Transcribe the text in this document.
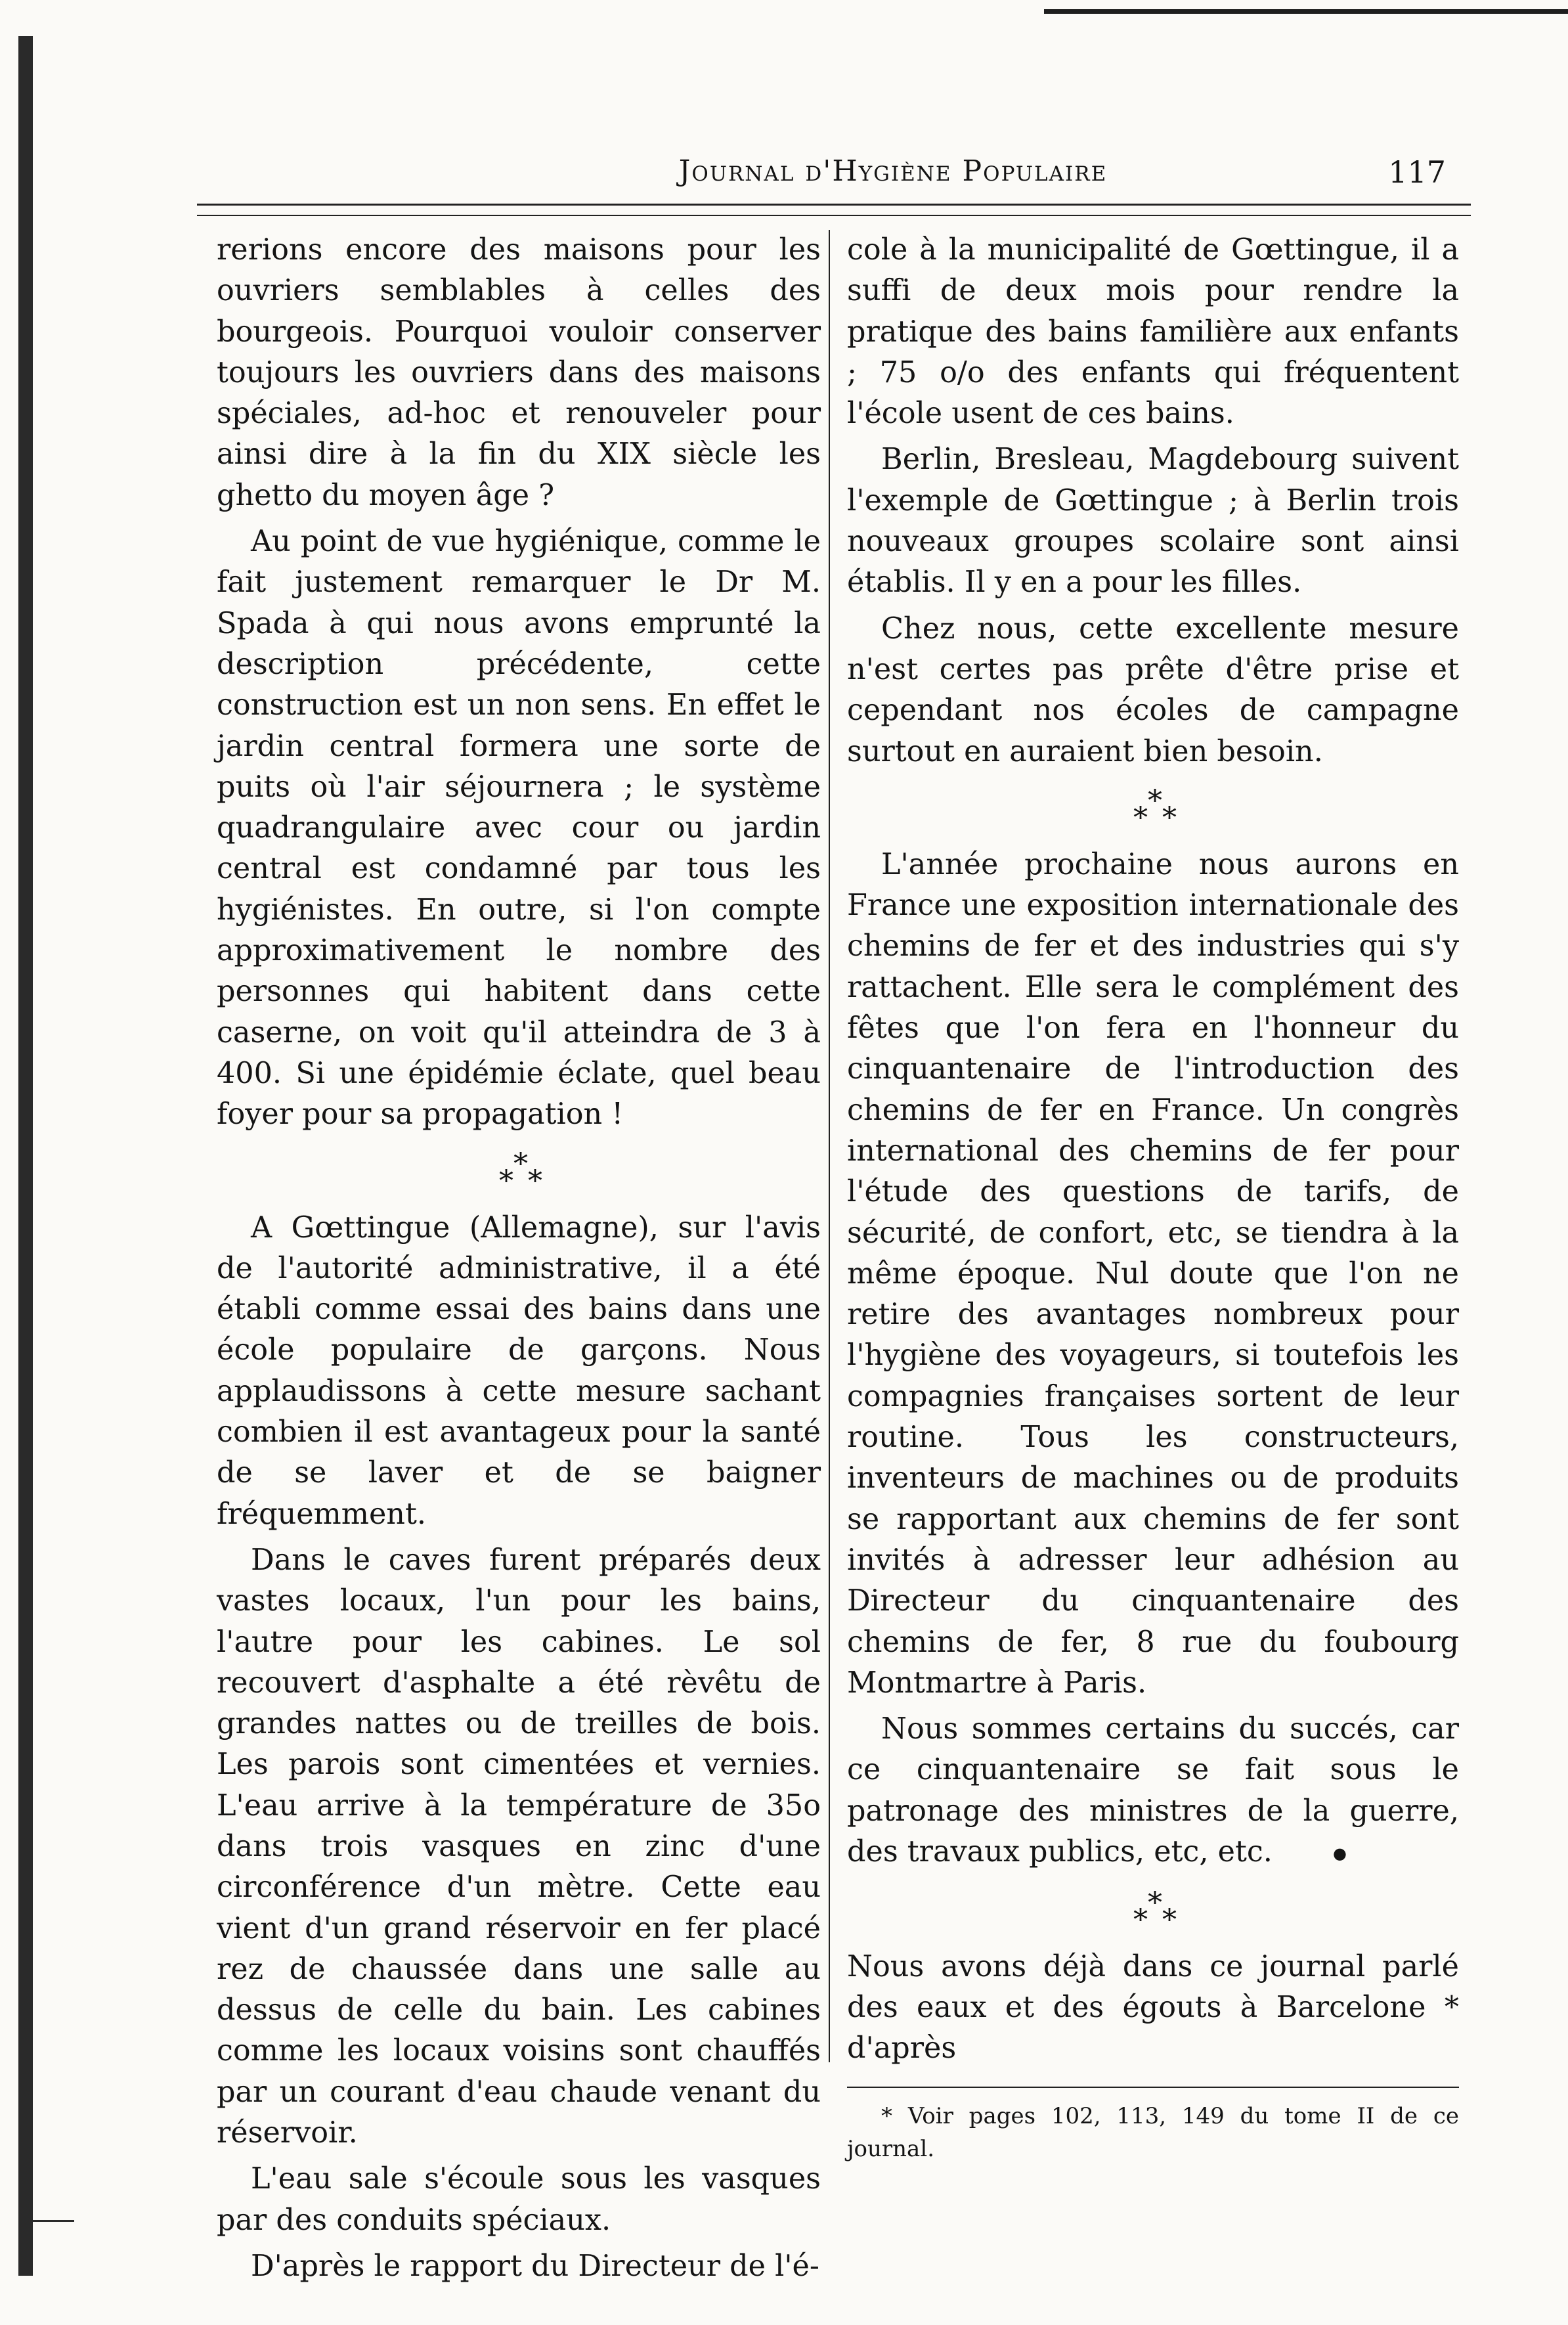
Journal d'Hygiène Populaire	117

rerions encore des maisons pour les ouvriers semblables à celles des bourgeois. Pourquoi vouloir conserver toujours les ouvriers dans des maisons spéciales, ad-hoc et renouveler pour ainsi dire à la fin du XIX siècle les ghetto du moyen âge ?

Au point de vue hygiénique, comme le fait justement remarquer le Dr M. Spada à qui nous avons emprunté la description précédente, cette construction est un non sens. En effet le jardin central formera une sorte de puits où l'air séjournera ; le système quadrangulaire avec cour ou jardin central est condamné par tous les hygiénistes. En outre, si l'on compte approximativement le nombre des personnes qui habitent dans cette caserne, on voit qu'il atteindra de 3 à 400. Si une épidémie éclate, quel beau foyer pour sa propagation !

*
* *

A Gœttingue (Allemagne), sur l'avis de l'autorité administrative, il a été établi comme essai des bains dans une école populaire de garçons. Nous applaudissons à cette mesure sachant combien il est avantageux pour la santé de se laver et de se baigner fréquemment.

Dans le caves furent préparés deux vastes locaux, l'un pour les bains, l'autre pour les cabines. Le sol recouvert d'asphalte a été rèvêtu de grandes nattes ou de treilles de bois. Les parois sont cimentées et vernies. L'eau arrive à la température de 35o dans trois vasques en zinc d'une circonférence d'un mètre. Cette eau vient d'un grand réservoir en fer placé rez de chaussée dans une salle au dessus de celle du bain. Les cabines comme les locaux voisins sont chauffés par un courant d'eau chaude venant du réservoir.

L'eau sale s'écoule sous les vasques par des conduits spéciaux.

D'après le rapport du Directeur de l'é-

cole à la municipalité de Gœttingue, il a suffi de deux mois pour rendre la pratique des bains familière aux enfants ; 75 o/o des enfants qui fréquentent l'école usent de ces bains.

Berlin, Bresleau, Magdebourg suivent l'exemple de Gœttingue ; à Berlin trois nouveaux groupes scolaire sont ainsi établis. Il y en a pour les filles.

Chez nous, cette excellente mesure n'est certes pas prête d'être prise et cependant nos écoles de campagne surtout en auraient bien besoin.

*
* *

L'année prochaine nous aurons en France une exposition internationale des chemins de fer et des industries qui s'y rattachent. Elle sera le complément des fêtes que l'on fera en l'honneur du cinquantenaire de l'introduction des chemins de fer en France. Un congrès international des chemins de fer pour l'étude des questions de tarifs, de sécurité, de confort, etc, se tiendra à la même époque. Nul doute que l'on ne retire des avantages nombreux pour l'hygiène des voyageurs, si toutefois les compagnies françaises sortent de leur routine. Tous les constructeurs, inventeurs de machines ou de produits se rapportant aux chemins de fer sont invités à adresser leur adhésion au Directeur du cinquantenaire des chemins de fer, 8 rue du foubourg Montmartre à Paris.

Nous sommes certains du succés, car ce cinquantenaire se fait sous le patronage des ministres de la guerre, des travaux publics, etc, etc.	●

*
* *

Nous avons déjà dans ce journal parlé des eaux et des égouts à Barcelone * d'après

* Voir pages 102, 113, 149 du tome II de ce journal.
